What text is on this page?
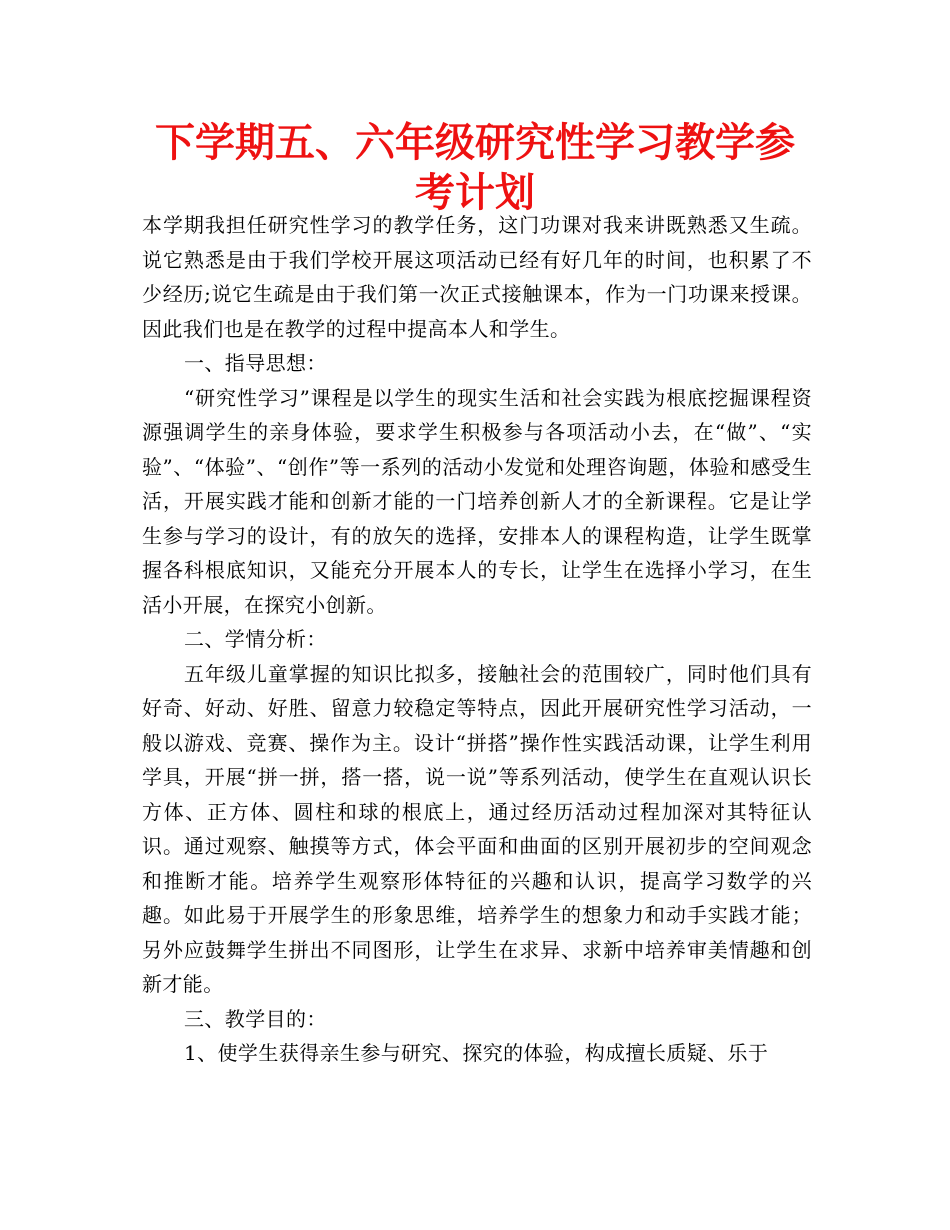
下学期五、六年级研究性学习教学参考计划

本学期我担任研究性学习的教学任务，这门功课对我来讲既熟悉又生疏。说它熟悉是由于我们学校开展这项活动已经有好几年的时间，也积累了不少经历;说它生疏是由于我们第一次正式接触课本，作为一门功课来授课。因此我们也是在教学的过程中提高本人和学生。

一、指导思想：

“研究性学习”课程是以学生的现实生活和社会实践为根底挖掘课程资源强调学生的亲身体验，要求学生积极参与各项活动小去，在“做”、“实验”、“体验”、“创作”等一系列的活动小发觉和处理咨询题，体验和感受生活，开展实践才能和创新才能的一门培养创新人才的全新课程。它是让学生参与学习的设计，有的放矢的选择，安排本人的课程构造，让学生既掌握各科根底知识，又能充分开展本人的专长，让学生在选择小学习，在生活小开展，在探究小创新。

二、学情分析：

五年级儿童掌握的知识比拟多，接触社会的范围较广，同时他们具有好奇、好动、好胜、留意力较稳定等特点，因此开展研究性学习活动，一般以游戏、竞赛、操作为主。设计“拼搭”操作性实践活动课，让学生利用学具，开展“拼一拼，搭一搭，说一说”等系列活动，使学生在直观认识长方体、正方体、圆柱和球的根底上，通过经历活动过程加深对其特征认识。通过观察、触摸等方式，体会平面和曲面的区别开展初步的空间观念和推断才能。培养学生观察形体特征的兴趣和认识，提高学习数学的兴趣。如此易于开展学生的形象思维，培养学生的想象力和动手实践才能；另外应鼓舞学生拼出不同图形，让学生在求异、求新中培养审美情趣和创新才能。

三、教学目的：

1、使学生获得亲生参与研究、探究的体验，构成擅长质疑、乐于
